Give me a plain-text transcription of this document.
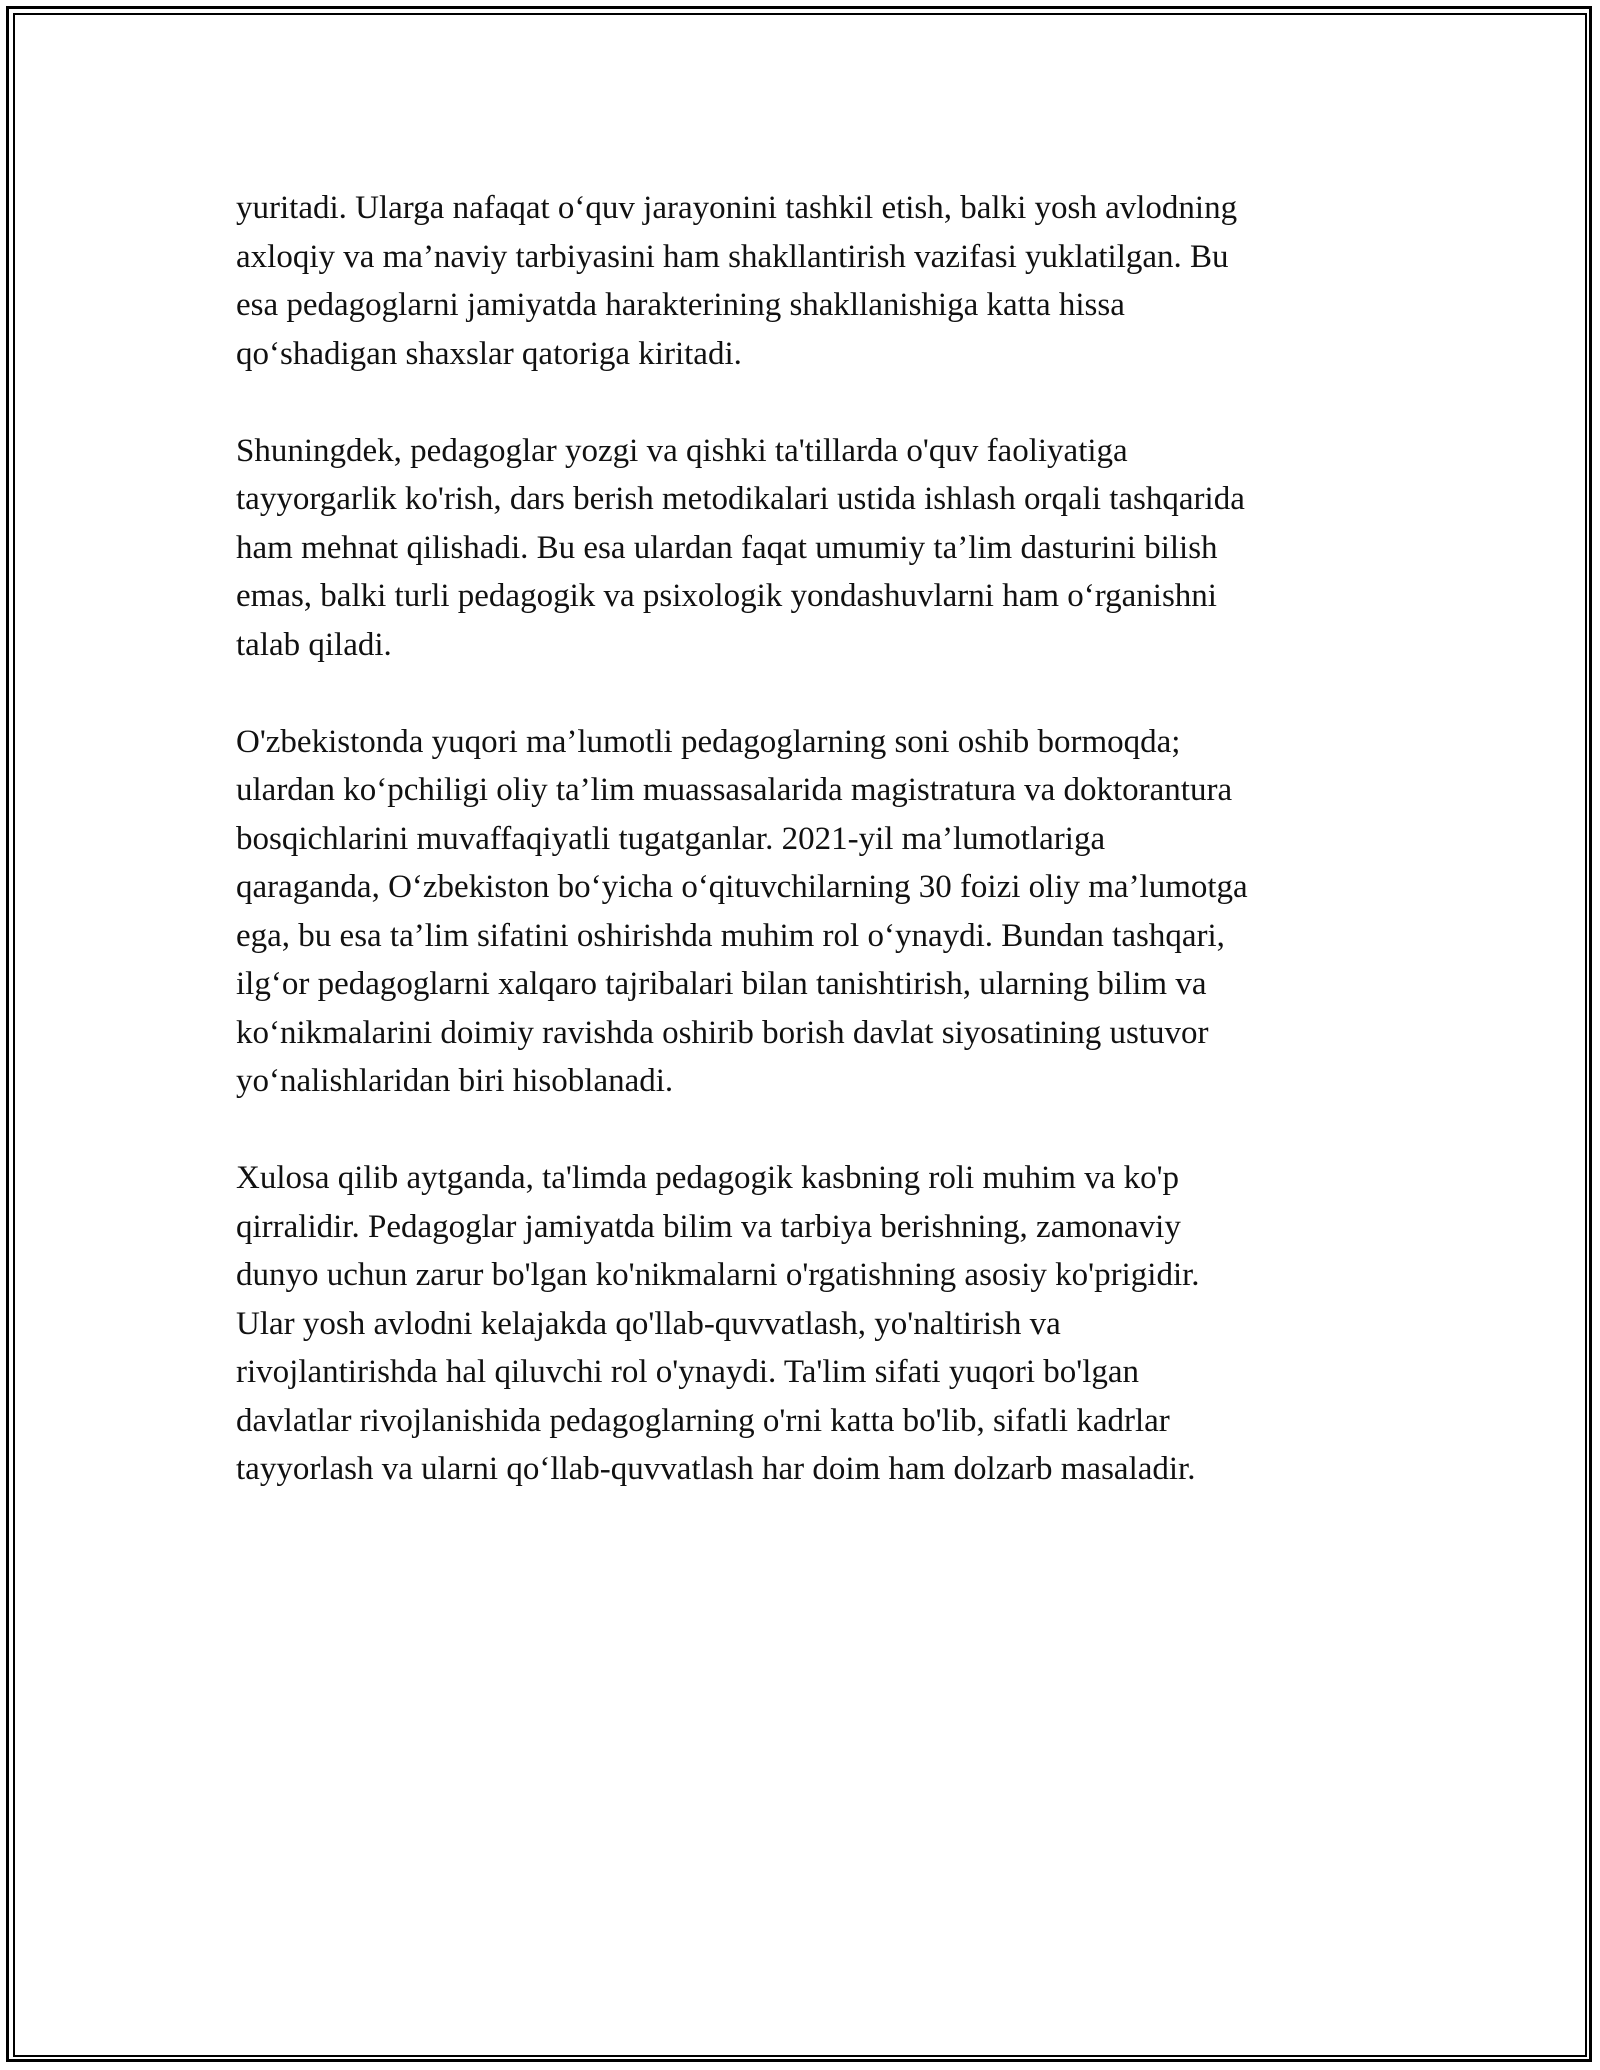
yuritadi. Ularga nafaqat o‘quv jarayonini tashkil etish, balki yosh avlodning
axloqiy va ma’naviy tarbiyasini ham shakllantirish vazifasi yuklatilgan. Bu
esa pedagoglarni jamiyatda harakterining shakllanishiga katta hissa
qo‘shadigan shaxslar qatoriga kiritadi.

Shuningdek, pedagoglar yozgi va qishki ta'tillarda o'quv faoliyatiga
tayyorgarlik ko'rish, dars berish metodikalari ustida ishlash orqali tashqarida
ham mehnat qilishadi. Bu esa ulardan faqat umumiy ta’lim dasturini bilish
emas, balki turli pedagogik va psixologik yondashuvlarni ham o‘rganishni
talab qiladi.

O'zbekistonda yuqori ma’lumotli pedagoglarning soni oshib bormoqda;
ulardan ko‘pchiligi oliy ta’lim muassasalarida magistratura va doktorantura
bosqichlarini muvaffaqiyatli tugatganlar. 2021-yil ma’lumotlariga
qaraganda, O‘zbekiston bo‘yicha o‘qituvchilarning 30 foizi oliy ma’lumotga
ega, bu esa ta’lim sifatini oshirishda muhim rol o‘ynaydi. Bundan tashqari,
ilg‘or pedagoglarni xalqaro tajribalari bilan tanishtirish, ularning bilim va
ko‘nikmalarini doimiy ravishda oshirib borish davlat siyosatining ustuvor
yo‘nalishlaridan biri hisoblanadi.

Xulosa qilib aytganda, ta'limda pedagogik kasbning roli muhim va ko'p
qirralidir. Pedagoglar jamiyatda bilim va tarbiya berishning, zamonaviy
dunyo uchun zarur bo'lgan ko'nikmalarni o'rgatishning asosiy ko'prigidir.
Ular yosh avlodni kelajakda qo'llab-quvvatlash, yo'naltirish va
rivojlantirishda hal qiluvchi rol o'ynaydi. Ta'lim sifati yuqori bo'lgan
davlatlar rivojlanishida pedagoglarning o'rni katta bo'lib, sifatli kadrlar
tayyorlash va ularni qo‘llab-quvvatlash har doim ham dolzarb masaladir.
